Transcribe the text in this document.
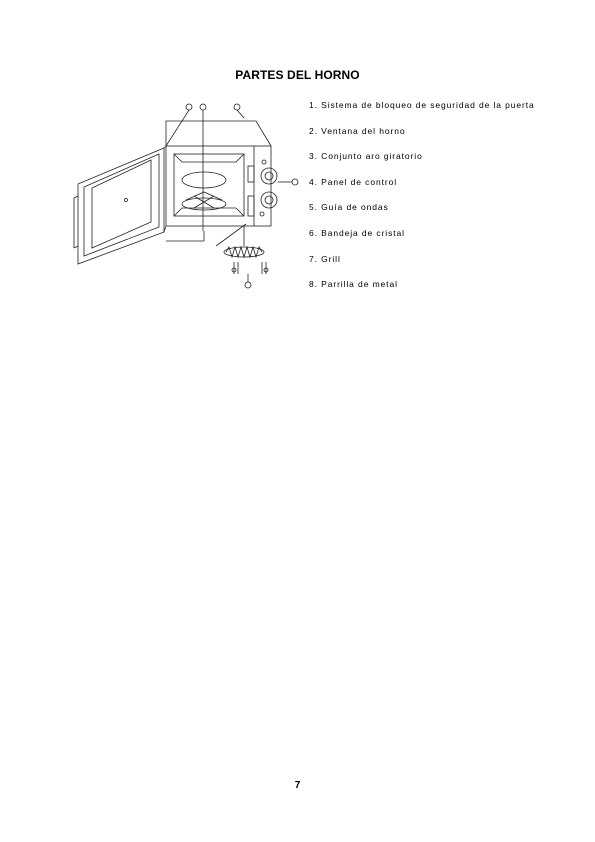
PARTES DEL HORNO
1. Sistema de bloqueo de seguridad de la puerta
2. Ventana del horno
3. Conjunto aro giratorio
4. Panel de control
5. Guía de ondas
6. Bandeja de cristal
7. Grill
8. Parrilla de metal
7
